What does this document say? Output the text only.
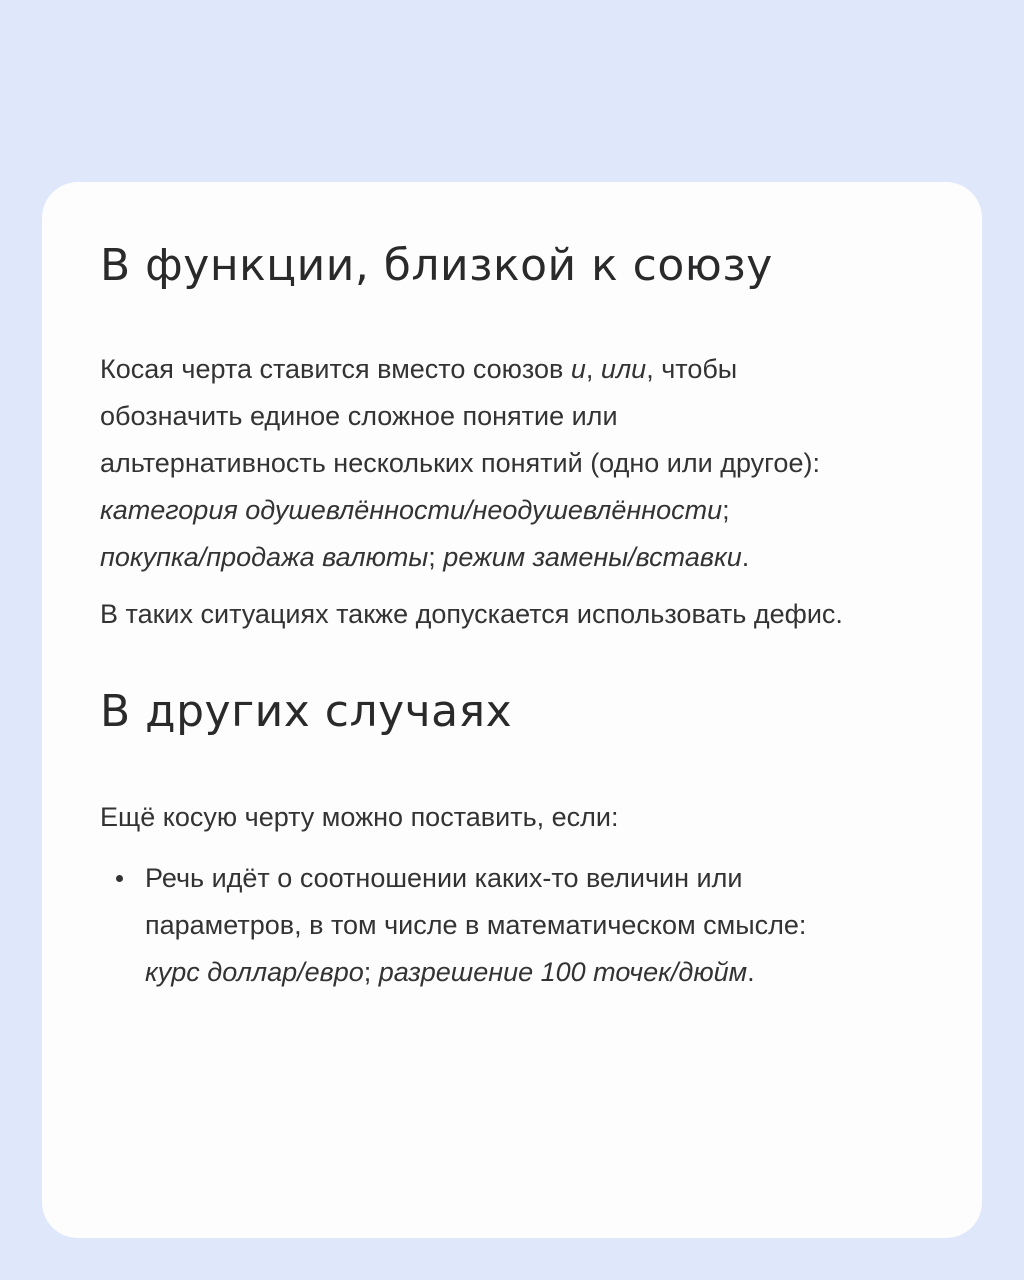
В функции, близкой к союзу

Косая черта ставится вместо союзов и, или, чтобы
обозначить единое сложное понятие или
альтернативность нескольких понятий (одно или другое):
категория одушевлённости/неодушевлённости;
покупка/продажа валюты; режим замены/вставки.

В таких ситуациях также допускается использовать дефис.

В других случаях

Ещё косую черту можно поставить, если:

Речь идёт о соотношении каких-то величин или
параметров, в том числе в математическом смысле:
курс доллар/евро; разрешение 100 точек/дюйм.
